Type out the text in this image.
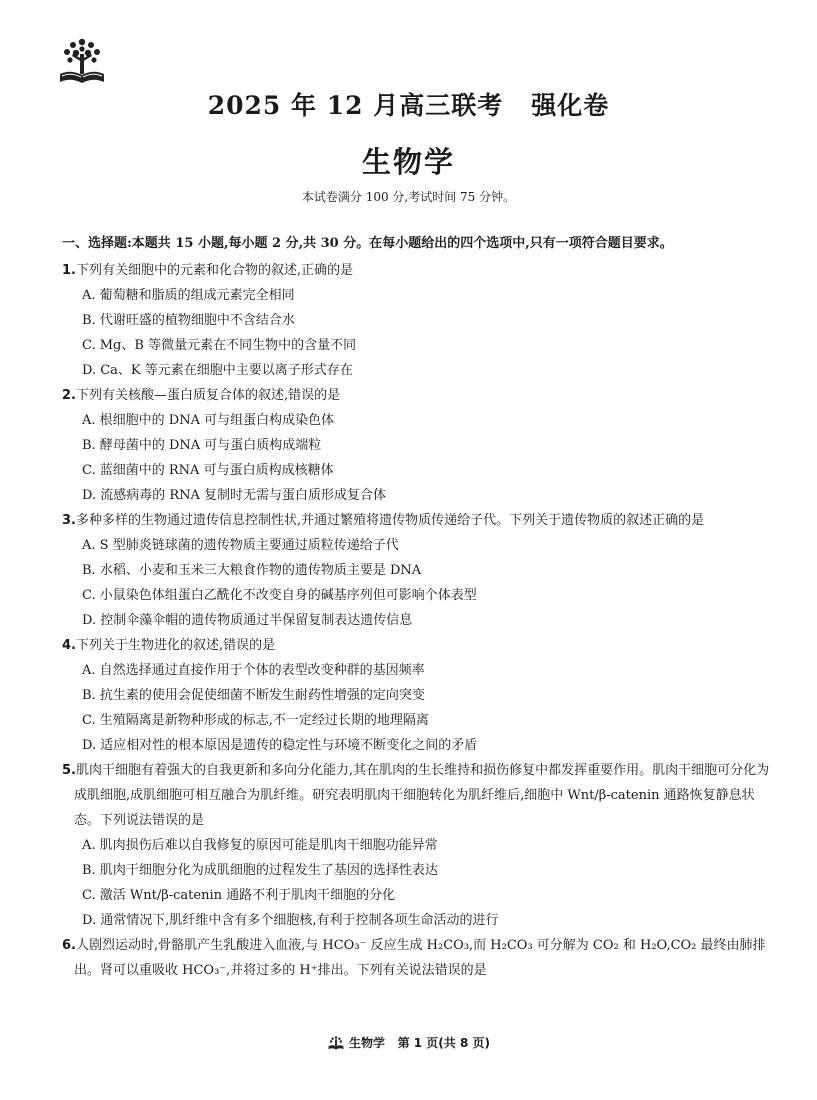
2025 年 12 月高三联考 强化卷
生物学
本试卷满分 100 分,考试时间 75 分钟。
一、选择题:本题共 15 小题,每小题 2 分,共 30 分。在每小题给出的四个选项中,只有一项符合题目要求。

1.下列有关细胞中的元素和化合物的叙述,正确的是

A. 葡萄糖和脂质的组成元素完全相同

B. 代谢旺盛的植物细胞中不含结合水

C. Mg、B 等微量元素在不同生物中的含量不同

D. Ca、K 等元素在细胞中主要以离子形式存在

2.下列有关核酸—蛋白质复合体的叙述,错误的是

A. 根细胞中的 DNA 可与组蛋白构成染色体

B. 酵母菌中的 DNA 可与蛋白质构成端粒

C. 蓝细菌中的 RNA 可与蛋白质构成核糖体

D. 流感病毒的 RNA 复制时无需与蛋白质形成复合体

3.多种多样的生物通过遗传信息控制性状,并通过繁殖将遗传物质传递给子代。下列关于遗传物质的叙述正确的是

A. S 型肺炎链球菌的遗传物质主要通过质粒传递给子代

B. 水稻、小麦和玉米三大粮食作物的遗传物质主要是 DNA

C. 小鼠染色体组蛋白乙酰化不改变自身的碱基序列但可影响个体表型

D. 控制伞藻伞帽的遗传物质通过半保留复制表达遗传信息

4.下列关于生物进化的叙述,错误的是

A. 自然选择通过直接作用于个体的表型改变种群的基因频率

B. 抗生素的使用会促使细菌不断发生耐药性增强的定向突变

C. 生殖隔离是新物种形成的标志,不一定经过长期的地理隔离

D. 适应相对性的根本原因是遗传的稳定性与环境不断变化之间的矛盾

5.肌肉干细胞有着强大的自我更新和多向分化能力,其在肌肉的生长维持和损伤修复中都发挥重要作用。肌肉干细胞可分化为成肌细胞,成肌细胞可相互融合为肌纤维。研究表明肌肉干细胞转化为肌纤维后,细胞中 Wnt/β-catenin 通路恢复静息状态。下列说法错误的是

A. 肌肉损伤后难以自我修复的原因可能是肌肉干细胞功能异常

B. 肌肉干细胞分化为成肌细胞的过程发生了基因的选择性表达

C. 激活 Wnt/β-catenin 通路不利于肌肉干细胞的分化

D. 通常情况下,肌纤维中含有多个细胞核,有利于控制各项生命活动的进行

6.人剧烈运动时,骨骼肌产生乳酸进入血液,与 HCO₃⁻ 反应生成 H₂CO₃,而 H₂CO₃ 可分解为 CO₂ 和 H₂O,CO₂ 最终由肺排出。肾可以重吸收 HCO₃⁻,并将过多的 H⁺排出。下列有关说法错误的是

生物学 第 1 页(共 8 页)
